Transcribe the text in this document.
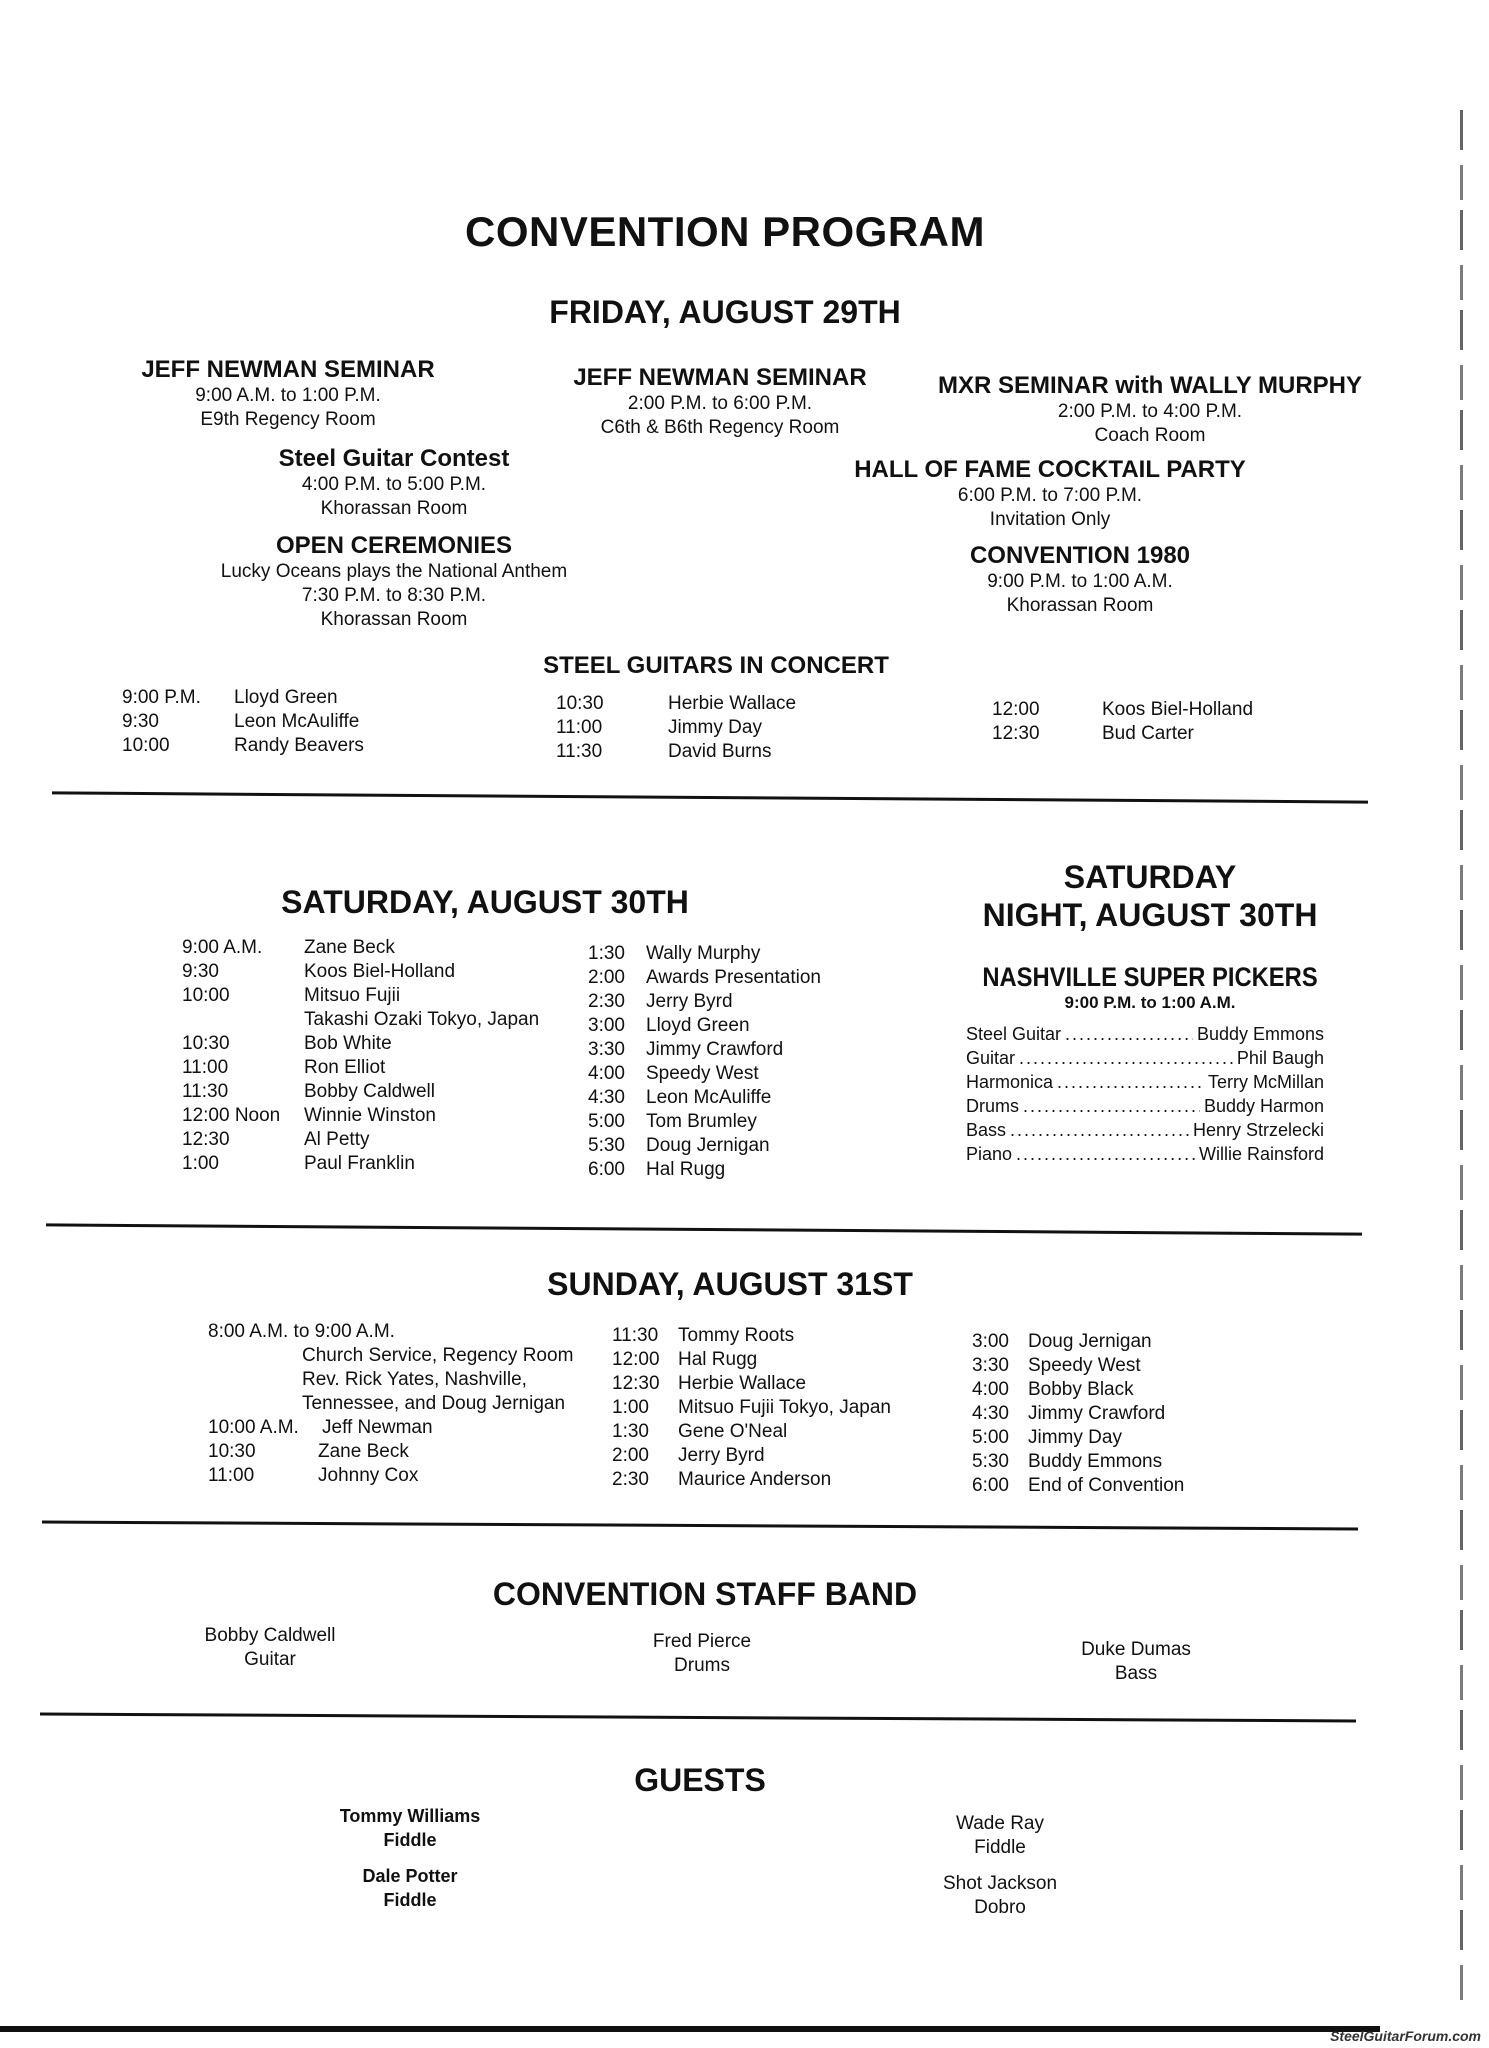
CONVENTION PROGRAM
FRIDAY, AUGUST 29TH
JEFF NEWMAN SEMINAR
9:00 A.M. to 1:00 P.M.
E9th Regency Room
Steel Guitar Contest
4:00 P.M. to 5:00 P.M.
Khorassan Room
OPEN CEREMONIES
Lucky Oceans plays the National Anthem
7:30 P.M. to 8:30 P.M.
Khorassan Room
JEFF NEWMAN SEMINAR
2:00 P.M. to 6:00 P.M.
C6th & B6th Regency Room
MXR SEMINAR with WALLY MURPHY
2:00 P.M. to 4:00 P.M.
Coach Room
HALL OF FAME COCKTAIL PARTY
6:00 P.M. to 7:00 P.M.
Invitation Only
CONVENTION 1980
9:00 P.M. to 1:00 A.M.
Khorassan Room
STEEL GUITARS IN CONCERT
9:00 P.M.	Lloyd Green
9:30	Leon McAuliffe
10:00	Randy Beavers
10:30	Herbie Wallace
11:00	Jimmy Day
11:30	David Burns
12:00	Koos Biel-Holland
12:30	Bud Carter
SATURDAY, AUGUST 30TH
9:00 A.M.	Zane Beck
9:30	Koos Biel-Holland
10:00	Mitsuo Fujii
Takashi Ozaki Tokyo, Japan
10:30	Bob White
11:00	Ron Elliot
11:30	Bobby Caldwell
12:00 Noon	Winnie Winston
12:30	Al Petty
1:00	Paul Franklin
1:30	Wally Murphy
2:00	Awards Presentation
2:30	Jerry Byrd
3:00	Lloyd Green
3:30	Jimmy Crawford
4:00	Speedy West
4:30	Leon McAuliffe
5:00	Tom Brumley
5:30	Doug Jernigan
6:00	Hal Rugg
SATURDAY
NIGHT, AUGUST 30TH
NASHVILLE SUPER PICKERS
9:00 P.M. to 1:00 A.M.
Steel Guitar .....	Buddy Emmons
Guitar .....	Phil Baugh
Harmonica .....	Terry McMillan
Drums .....	Buddy Harmon
Bass .....	Henry Strzelecki
Piano .....	Willie Rainsford
SUNDAY, AUGUST 31ST
8:00 A.M. to 9:00 A.M.
Church Service, Regency Room
Rev. Rick Yates, Nashville,
Tennessee, and Doug Jernigan
10:00 A.M.	Jeff Newman
10:30	Zane Beck
11:00	Johnny Cox
11:30	Tommy Roots
12:00 Hal Rugg
12:30 Herbie Wallace
1:00	Mitsuo Fujii Tokyo, Japan
1:30	Gene O'Neal
2:00	Jerry Byrd
2:30	Maurice Anderson
3:00	Doug Jernigan
3:30	Speedy West
4:00	Bobby Black
4:30	Jimmy Crawford
5:00	Jimmy Day
5:30	Buddy Emmons
6:00	End of Convention
CONVENTION STAFF BAND
Bobby Caldwell
Guitar
Fred Pierce
Drums
Duke Dumas
Bass
GUESTS
Tommy Williams
Fiddle
Dale Potter
Fiddle
Wade Ray
Fiddle
Shot Jackson
Dobro
SteelGuitarForum.com
